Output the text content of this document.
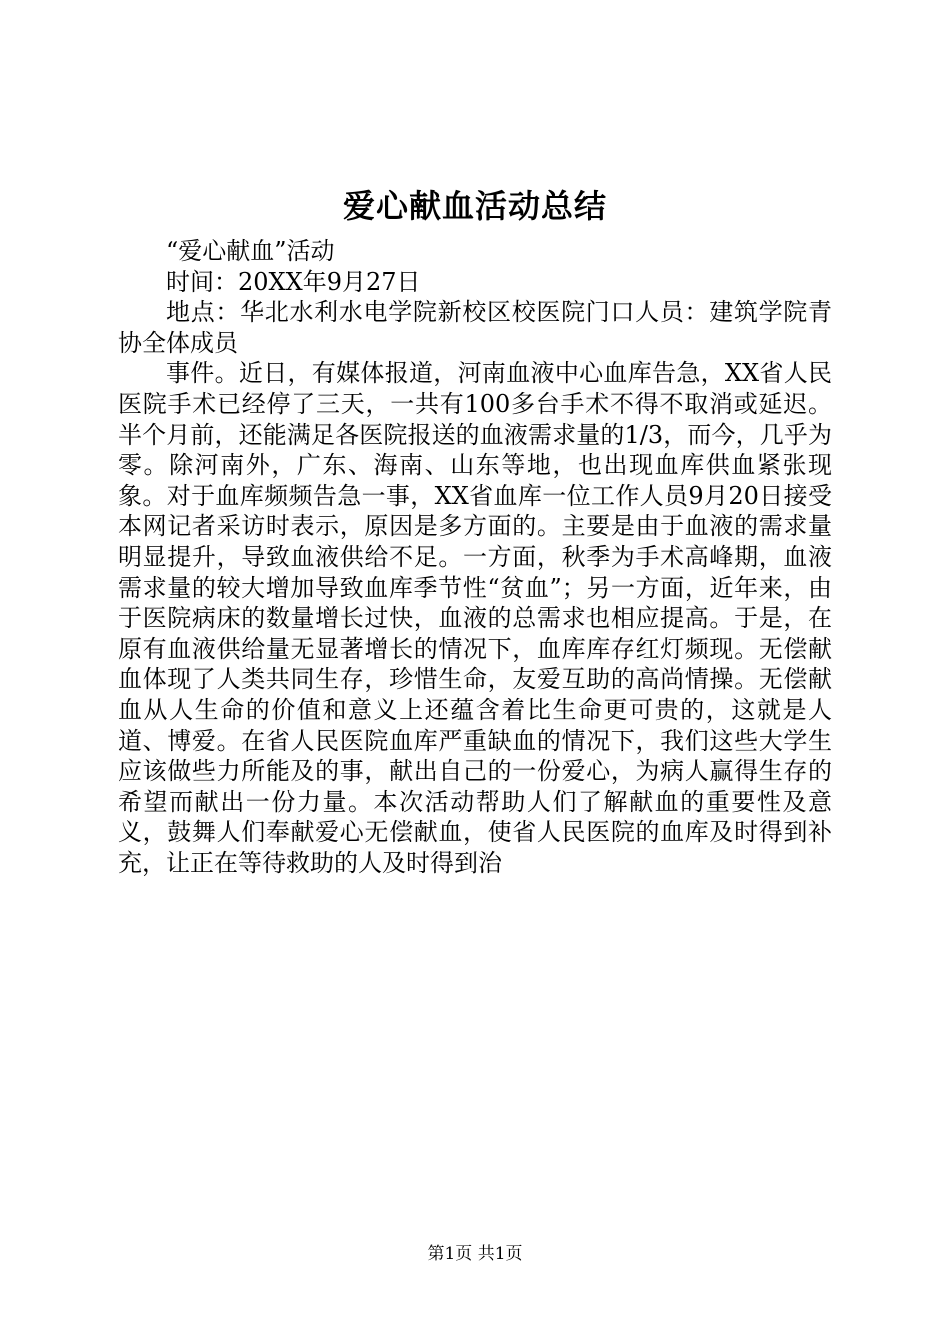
爱心献血活动总结

“爱心献血”活动

时间：20XX年9月27日

地点：华北水利水电学院新校区校医院门口人员：建筑学院青协全体成员

事件。近日，有媒体报道，河南血液中心血库告急，XX省人民医院手术已经停了三天，一共有100多台手术不得不取消或延迟。半个月前，还能满足各医院报送的血液需求量的1/3，而今，几乎为零。除河南外，广东、海南、山东等地，也出现血库供血紧张现象。对于血库频频告急一事，XX省血库一位工作人员9月20日接受本网记者采访时表示，原因是多方面的。主要是由于血液的需求量明显提升，导致血液供给不足。一方面，秋季为手术高峰期，血液需求量的较大增加导致血库季节性“贫血”；另一方面，近年来，由于医院病床的数量增长过快，血液的总需求也相应提高。于是，在原有血液供给量无显著增长的情况下，血库库存红灯频现。无偿献血体现了人类共同生存，珍惜生命，友爱互助的高尚情操。无偿献血从人生命的价值和意义上还蕴含着比生命更可贵的，这就是人道、博爱。在省人民医院血库严重缺血的情况下，我们这些大学生应该做些力所能及的事，献出自己的一份爱心，为病人赢得生存的希望而献出一份力量。本次活动帮助人们了解献血的重要性及意义，鼓舞人们奉献爱心无偿献血，使省人民医院的血库及时得到补充，让正在等待救助的人及时得到治

第1页 共1页
